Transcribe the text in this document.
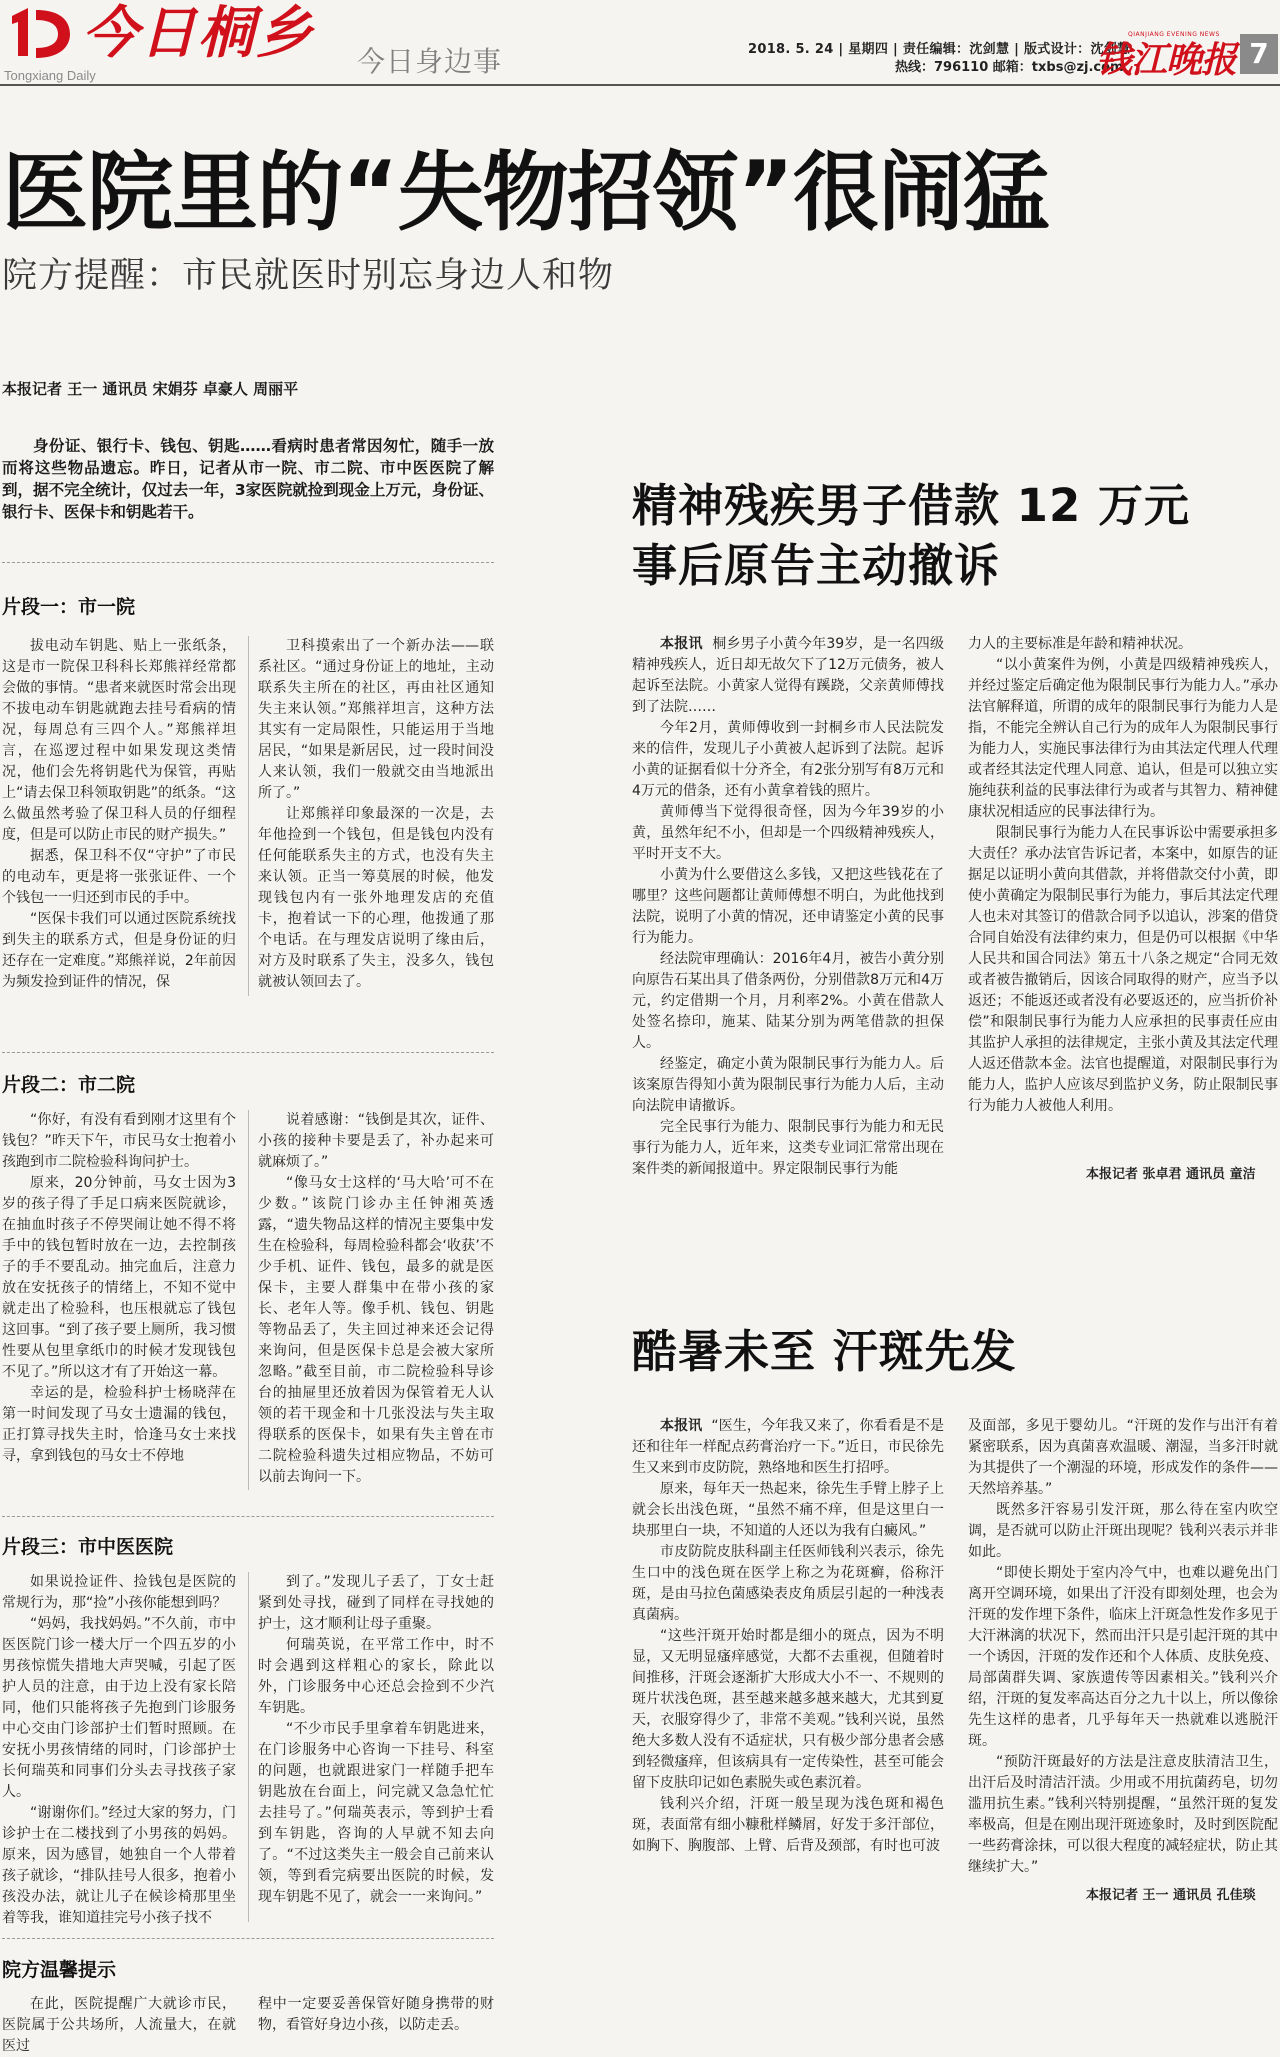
今日桐乡
Tongxiang Daily	今日身边事	2018. 5. 24 | 星期四 | 责任编辑：沈剑慧 | 版式设计：沈剑慧
热线：796110 邮箱：txbs@zj.com
钱江晚报
QIANJIANG EVENING NEWS
7
医院里的“失物招领”很闹猛
院方提醒：市民就医时别忘身边人和物
本报记者 王一 通讯员 宋娟芬 卓豪人 周丽平
身份证、银行卡、钱包、钥匙……看病时患者常因匆忙，随手一放而将这些物品遗忘。昨日，记者从市一院、市二院、市中医医院了解到，据不完全统计，仅过去一年，3家医院就捡到现金上万元，身份证、银行卡、医保卡和钥匙若干。
片段一：市一院

拔电动车钥匙、贴上一张纸条，这是市一院保卫科科长郑熊祥经常都会做的事情。“患者来就医时常会出现不拔电动车钥匙就跑去挂号看病的情况，每周总有三四个人。”郑熊祥坦言，在巡逻过程中如果发现这类情况，他们会先将钥匙代为保管，再贴上“请去保卫科领取钥匙”的纸条。“这么做虽然考验了保卫科人员的仔细程度，但是可以防止市民的财产损失。”

据悉，保卫科不仅“守护”了市民的电动车，更是将一张张证件、一个个钱包一一归还到市民的手中。

“医保卡我们可以通过医院系统找到失主的联系方式，但是身份证的归还存在一定难度。”郑熊祥说，2年前因为频发捡到证件的情况，保

卫科摸索出了一个新办法——联系社区。“通过身份证上的地址，主动联系失主所在的社区，再由社区通知失主来认领。”郑熊祥坦言，这种方法其实有一定局限性，只能运用于当地居民，“如果是新居民，过一段时间没人来认领，我们一般就交由当地派出所了。”

让郑熊祥印象最深的一次是，去年他捡到一个钱包，但是钱包内没有任何能联系失主的方式，也没有失主来认领。正当一筹莫展的时候，他发现钱包内有一张外地理发店的充值卡，抱着试一下的心理，他拨通了那个电话。在与理发店说明了缘由后，对方及时联系了失主，没多久，钱包就被认领回去了。

片段二：市二院

“你好，有没有看到刚才这里有个钱包？”昨天下午，市民马女士抱着小孩跑到市二院检验科询问护士。

原来，20分钟前，马女士因为3岁的孩子得了手足口病来医院就诊，在抽血时孩子不停哭闹让她不得不将手中的钱包暂时放在一边，去控制孩子的手不要乱动。抽完血后，注意力放在安抚孩子的情绪上，不知不觉中就走出了检验科，也压根就忘了钱包这回事。“到了孩子要上厕所，我习惯性要从包里拿纸巾的时候才发现钱包不见了。”所以这才有了开始这一幕。

幸运的是，检验科护士杨晓萍在第一时间发现了马女士遗漏的钱包，正打算寻找失主时，恰逢马女士来找寻，拿到钱包的马女士不停地

说着感谢：“钱倒是其次，证件、小孩的接种卡要是丢了，补办起来可就麻烦了。”

“像马女士这样的‘马大哈’可不在少数。”该院门诊办主任钟湘英透露，“遗失物品这样的情况主要集中发生在检验科，每周检验科都会‘收获’不少手机、证件、钱包，最多的就是医保卡，主要人群集中在带小孩的家长、老年人等。像手机、钱包、钥匙等物品丢了，失主回过神来还会记得来询问，但是医保卡总是会被大家所忽略。”截至目前，市二院检验科导诊台的抽屉里还放着因为保管着无人认领的若干现金和十几张没法与失主取得联系的医保卡，如果有失主曾在市二院检验科遗失过相应物品，不妨可以前去询问一下。

片段三：市中医医院

如果说捡证件、捡钱包是医院的常规行为，那“捡”小孩你能想到吗？

“妈妈，我找妈妈。”不久前，市中医医院门诊一楼大厅一个四五岁的小男孩惊慌失措地大声哭喊，引起了医护人员的注意，由于边上没有家长陪同，他们只能将孩子先抱到门诊服务中心交由门诊部护士们暂时照顾。在安抚小男孩情绪的同时，门诊部护士长何瑞英和同事们分头去寻找孩子家人。

“谢谢你们。”经过大家的努力，门诊护士在二楼找到了小男孩的妈妈。原来，因为感冒，她独自一个人带着孩子就诊，“排队挂号人很多，抱着小孩没办法，就让儿子在候诊椅那里坐着等我，谁知道挂完号小孩子找不

到了。”发现儿子丢了，丁女士赶紧到处寻找，碰到了同样在寻找她的护士，这才顺利让母子重聚。

何瑞英说，在平常工作中，时不时会遇到这样粗心的家长，除此以外，门诊服务中心还总会捡到不少汽车钥匙。

“不少市民手里拿着车钥匙进来，在门诊服务中心咨询一下挂号、科室的问题，也就跟进家门一样随手把车钥匙放在台面上，问完就又急急忙忙去挂号了。”何瑞英表示，等到护士看到车钥匙，咨询的人早就不知去向了。“不过这类失主一般会自己前来认领，等到看完病要出医院的时候，发现车钥匙不见了，就会一一来询问。”

院方温馨提示

在此，医院提醒广大就诊市民，医院属于公共场所，人流量大，在就医过

程中一定要妥善保管好随身携带的财物，看管好身边小孩，以防走丢。

精神残疾男子借款 12 万元
事后原告主动撤诉

本报讯 桐乡男子小黄今年39岁，是一名四级精神残疾人，近日却无故欠下了12万元债务，被人起诉至法院。小黄家人觉得有蹊跷，父亲黄师傅找到了法院……

今年2月，黄师傅收到一封桐乡市人民法院发来的信件，发现儿子小黄被人起诉到了法院。起诉小黄的证据看似十分齐全，有2张分别写有8万元和4万元的借条，还有小黄拿着钱的照片。

黄师傅当下觉得很奇怪，因为今年39岁的小黄，虽然年纪不小，但却是一个四级精神残疾人，平时开支不大。

小黄为什么要借这么多钱，又把这些钱花在了哪里？这些问题都让黄师傅想不明白，为此他找到法院，说明了小黄的情况，还申请鉴定小黄的民事行为能力。

经法院审理确认：2016年4月，被告小黄分别向原告石某出具了借条两份，分别借款8万元和4万元，约定借期一个月，月利率2%。小黄在借款人处签名捺印，施某、陆某分别为两笔借款的担保人。

经鉴定，确定小黄为限制民事行为能力人。后该案原告得知小黄为限制民事行为能力人后，主动向法院申请撤诉。

完全民事行为能力、限制民事行为能力和无民事行为能力人，近年来，这类专业词汇常常出现在案件类的新闻报道中。界定限制民事行为能

力人的主要标准是年龄和精神状况。

“以小黄案件为例，小黄是四级精神残疾人，并经过鉴定后确定他为限制民事行为能力人。”承办法官解释道，所谓的成年的限制民事行为能力人是指，不能完全辨认自己行为的成年人为限制民事行为能力人，实施民事法律行为由其法定代理人代理或者经其法定代理人同意、追认，但是可以独立实施纯获利益的民事法律行为或者与其智力、精神健康状况相适应的民事法律行为。

限制民事行为能力人在民事诉讼中需要承担多大责任？承办法官告诉记者，本案中，如原告的证据足以证明小黄向其借款，并将借款交付小黄，即使小黄确定为限制民事行为能力，事后其法定代理人也未对其签订的借款合同予以追认，涉案的借贷合同自始没有法律约束力，但是仍可以根据《中华人民共和国合同法》第五十八条之规定“合同无效或者被告撤销后，因该合同取得的财产，应当予以返还；不能返还或者没有必要返还的，应当折价补偿”和限制民事行为能力人应承担的民事责任应由其监护人承担的法律规定，主张小黄及其法定代理人返还借款本金。法官也提醒道，对限制民事行为能力人，监护人应该尽到监护义务，防止限制民事行为能力人被他人利用。

本报记者 张卓君 通讯员 童洁
酷暑未至 汗斑先发

本报讯 “医生，今年我又来了，你看看是不是还和往年一样配点药膏治疗一下。”近日，市民徐先生又来到市皮防院，熟络地和医生打招呼。

原来，每年天一热起来，徐先生手臂上脖子上就会长出浅色斑，“虽然不痛不痒，但是这里白一块那里白一块，不知道的人还以为我有白癜风。”

市皮防院皮肤科副主任医师钱利兴表示，徐先生口中的浅色斑在医学上称之为花斑癣，俗称汗斑，是由马拉色菌感染表皮角质层引起的一种浅表真菌病。

“这些汗斑开始时都是细小的斑点，因为不明显，又无明显瘙痒感觉，大都不去重视，但随着时间推移，汗斑会逐渐扩大形成大小不一、不规则的斑片状浅色斑，甚至越来越多越来越大，尤其到夏天，衣服穿得少了，非常不美观。”钱利兴说，虽然绝大多数人没有不适症状，只有极少部分患者会感到轻微瘙痒，但该病具有一定传染性，甚至可能会留下皮肤印记如色素脱失或色素沉着。

钱利兴介绍，汗斑一般呈现为浅色斑和褐色斑，表面常有细小糠秕样鳞屑，好发于多汗部位，如胸下、胸腹部、上臂、后背及颈部，有时也可波

及面部，多见于婴幼儿。“汗斑的发作与出汗有着紧密联系，因为真菌喜欢温暖、潮湿，当多汗时就为其提供了一个潮湿的环境，形成发作的条件——天然培养基。”

既然多汗容易引发汗斑，那么待在室内吹空调，是否就可以防止汗斑出现呢？钱利兴表示并非如此。

“即使长期处于室内冷气中，也难以避免出门离开空调环境，如果出了汗没有即刻处理，也会为汗斑的发作埋下条件，临床上汗斑急性发作多见于大汗淋漓的状况下，然而出汗只是引起汗斑的其中一个诱因，汗斑的发作还和个人体质、皮肤免疫、局部菌群失调、家族遗传等因素相关。”钱利兴介绍，汗斑的复发率高达百分之九十以上，所以像徐先生这样的患者，几乎每年天一热就难以逃脱汗斑。

“预防汗斑最好的方法是注意皮肤清洁卫生，出汗后及时清洁汗渍。少用或不用抗菌药皂，切勿滥用抗生素。”钱利兴特别提醒，“虽然汗斑的复发率极高，但是在刚出现汗斑迹象时，及时到医院配一些药膏涂抹，可以很大程度的减轻症状，防止其继续扩大。”

本报记者 王一 通讯员 孔佳琰
